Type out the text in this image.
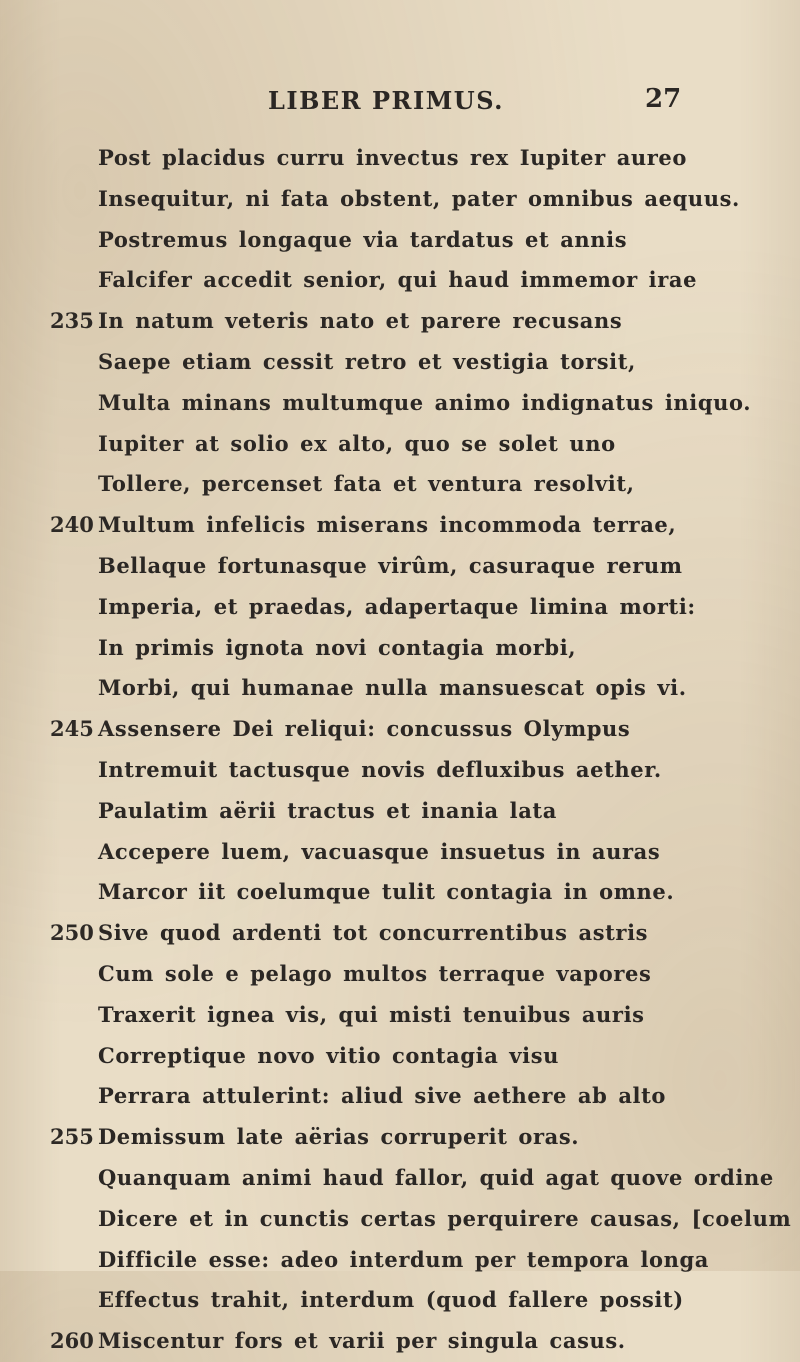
LIBER PRIMUS.	27
Post placidus curru invectus rex Iupiter aureo
Insequitur, ni fata obstent, pater omnibus aequus.
Postremus longaque via tardatus et annis
Falcifer accedit senior, qui haud immemor irae
235 In natum veteris nato et parere recusans
Saepe etiam cessit retro et vestigia torsit,
Multa minans multumque animo indignatus iniquo.
Iupiter at solio ex alto, quo se solet uno
Tollere, percenset fata et ventura resolvit,
240 Multum infelicis miserans incommoda terrae,
Bellaque fortunasque virûm, casuraque rerum
Imperia, et praedas, adapertaque limina morti:
In primis ignota novi contagia morbi,
Morbi, qui humanae nulla mansuescat opis vi.
245 Assensere Dei reliqui: concussus Olympus
Intremuit tactusque novis defluxibus aether.
Paulatim aërii tractus et inania lata
Accepere luem, vacuasque insuetus in auras
Marcor iit coelumque tulit contagia in omne.
250 Sive quod ardenti tot concurrentibus astris
Cum sole e pelago multos terraque vapores
Traxerit ignea vis, qui misti tenuibus auris
Correptique novo vitio contagia visu
Perrara attulerint: aliud sive aethere ab alto
255 Demissum late aërias corruperit oras.
Quanquam animi haud fallor, quid agat quove ordine
Dicere et in cunctis certas perquirere causas, [coelum
Difficile esse: adeo interdum per tempora longa
Effectus trahit, interdum (quod fallere possit)
260 Miscentur fors et varii per singula casus.
